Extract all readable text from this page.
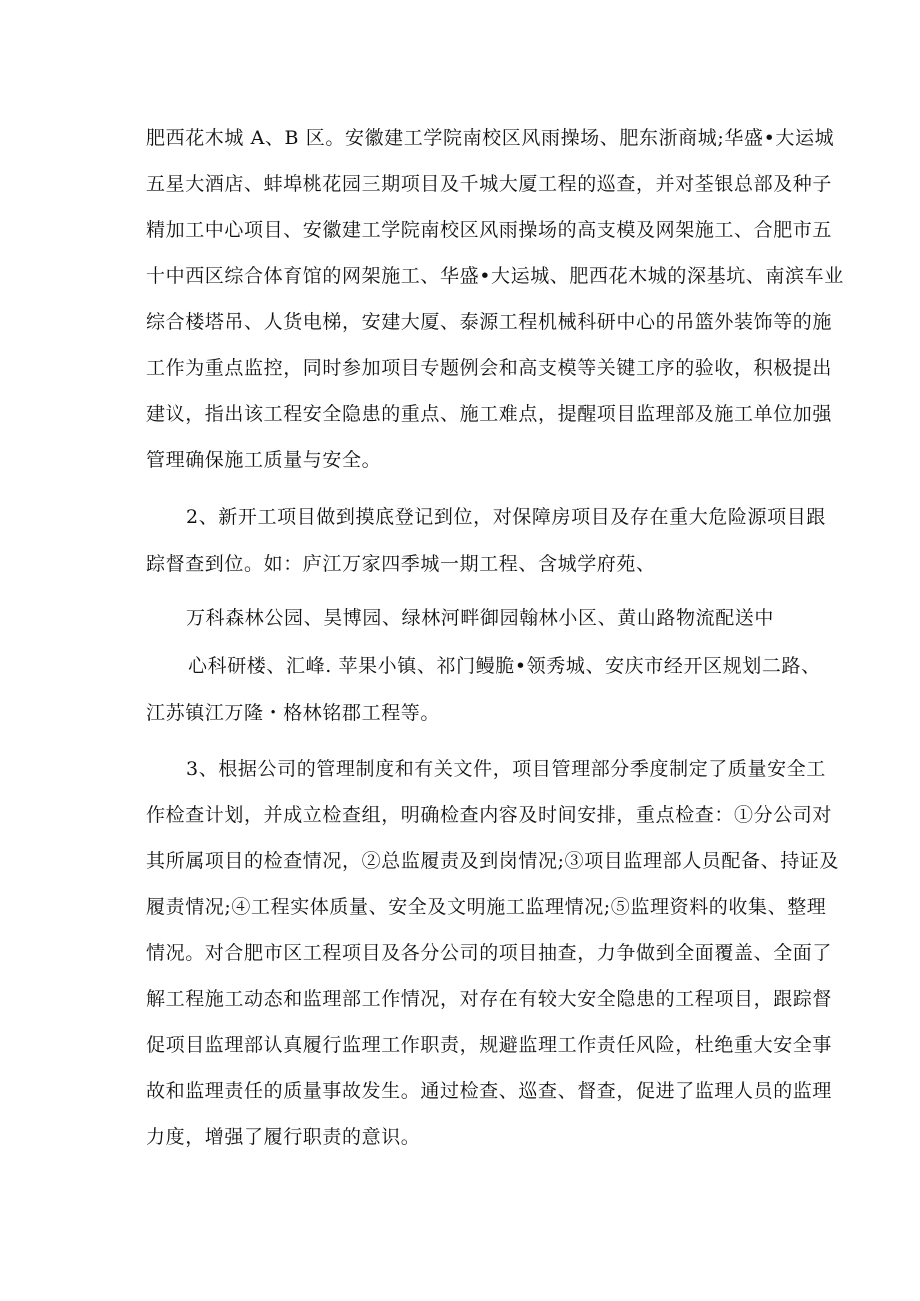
肥西花木城 A、B 区。安徽建工学院南校区风雨操场、肥东浙商城;华盛•大运城
五星大酒店、蚌埠桃花园三期项目及千城大厦工程的巡查，并对荃银总部及种子
精加工中心项目、安徽建工学院南校区风雨操场的高支模及网架施工、合肥市五
十中西区综合体育馆的网架施工、华盛•大运城、肥西花木城的深基坑、南滨车业
综合楼塔吊、人货电梯，安建大厦、泰源工程机械科研中心的吊篮外装饰等的施
工作为重点监控，同时参加项目专题例会和高支模等关键工序的验收，积极提出
建议，指出该工程安全隐患的重点、施工难点，提醒项目监理部及施工单位加强
管理确保施工质量与安全。
2、新开工项目做到摸底登记到位，对保障房项目及存在重大危险源项目跟
踪督查到位。如：庐江万家四季城一期工程、含城学府苑、
万科森林公园、昊博园、绿林河畔御园翰林小区、黄山路物流配送中
心科研楼、汇峰. 苹果小镇、祁门鳗脆•领秀城、安庆市经开区规划二路、
江苏镇江万隆・格林铭郡工程等。
3、根据公司的管理制度和有关文件，项目管理部分季度制定了质量安全工
作检查计划，并成立检查组，明确检查内容及时间安排，重点检查：①分公司对
其所属项目的检查情况，②总监履责及到岗情况;③项目监理部人员配备、持证及
履责情况;④工程实体质量、安全及文明施工监理情况;⑤监理资料的收集、整理
情况。对合肥市区工程项目及各分公司的项目抽查，力争做到全面覆盖、全面了
解工程施工动态和监理部工作情况，对存在有较大安全隐患的工程项目，跟踪督
促项目监理部认真履行监理工作职责，规避监理工作责任风险，杜绝重大安全事
故和监理责任的质量事故发生。通过检查、巡查、督查，促进了监理人员的监理
力度，增强了履行职责的意识。
